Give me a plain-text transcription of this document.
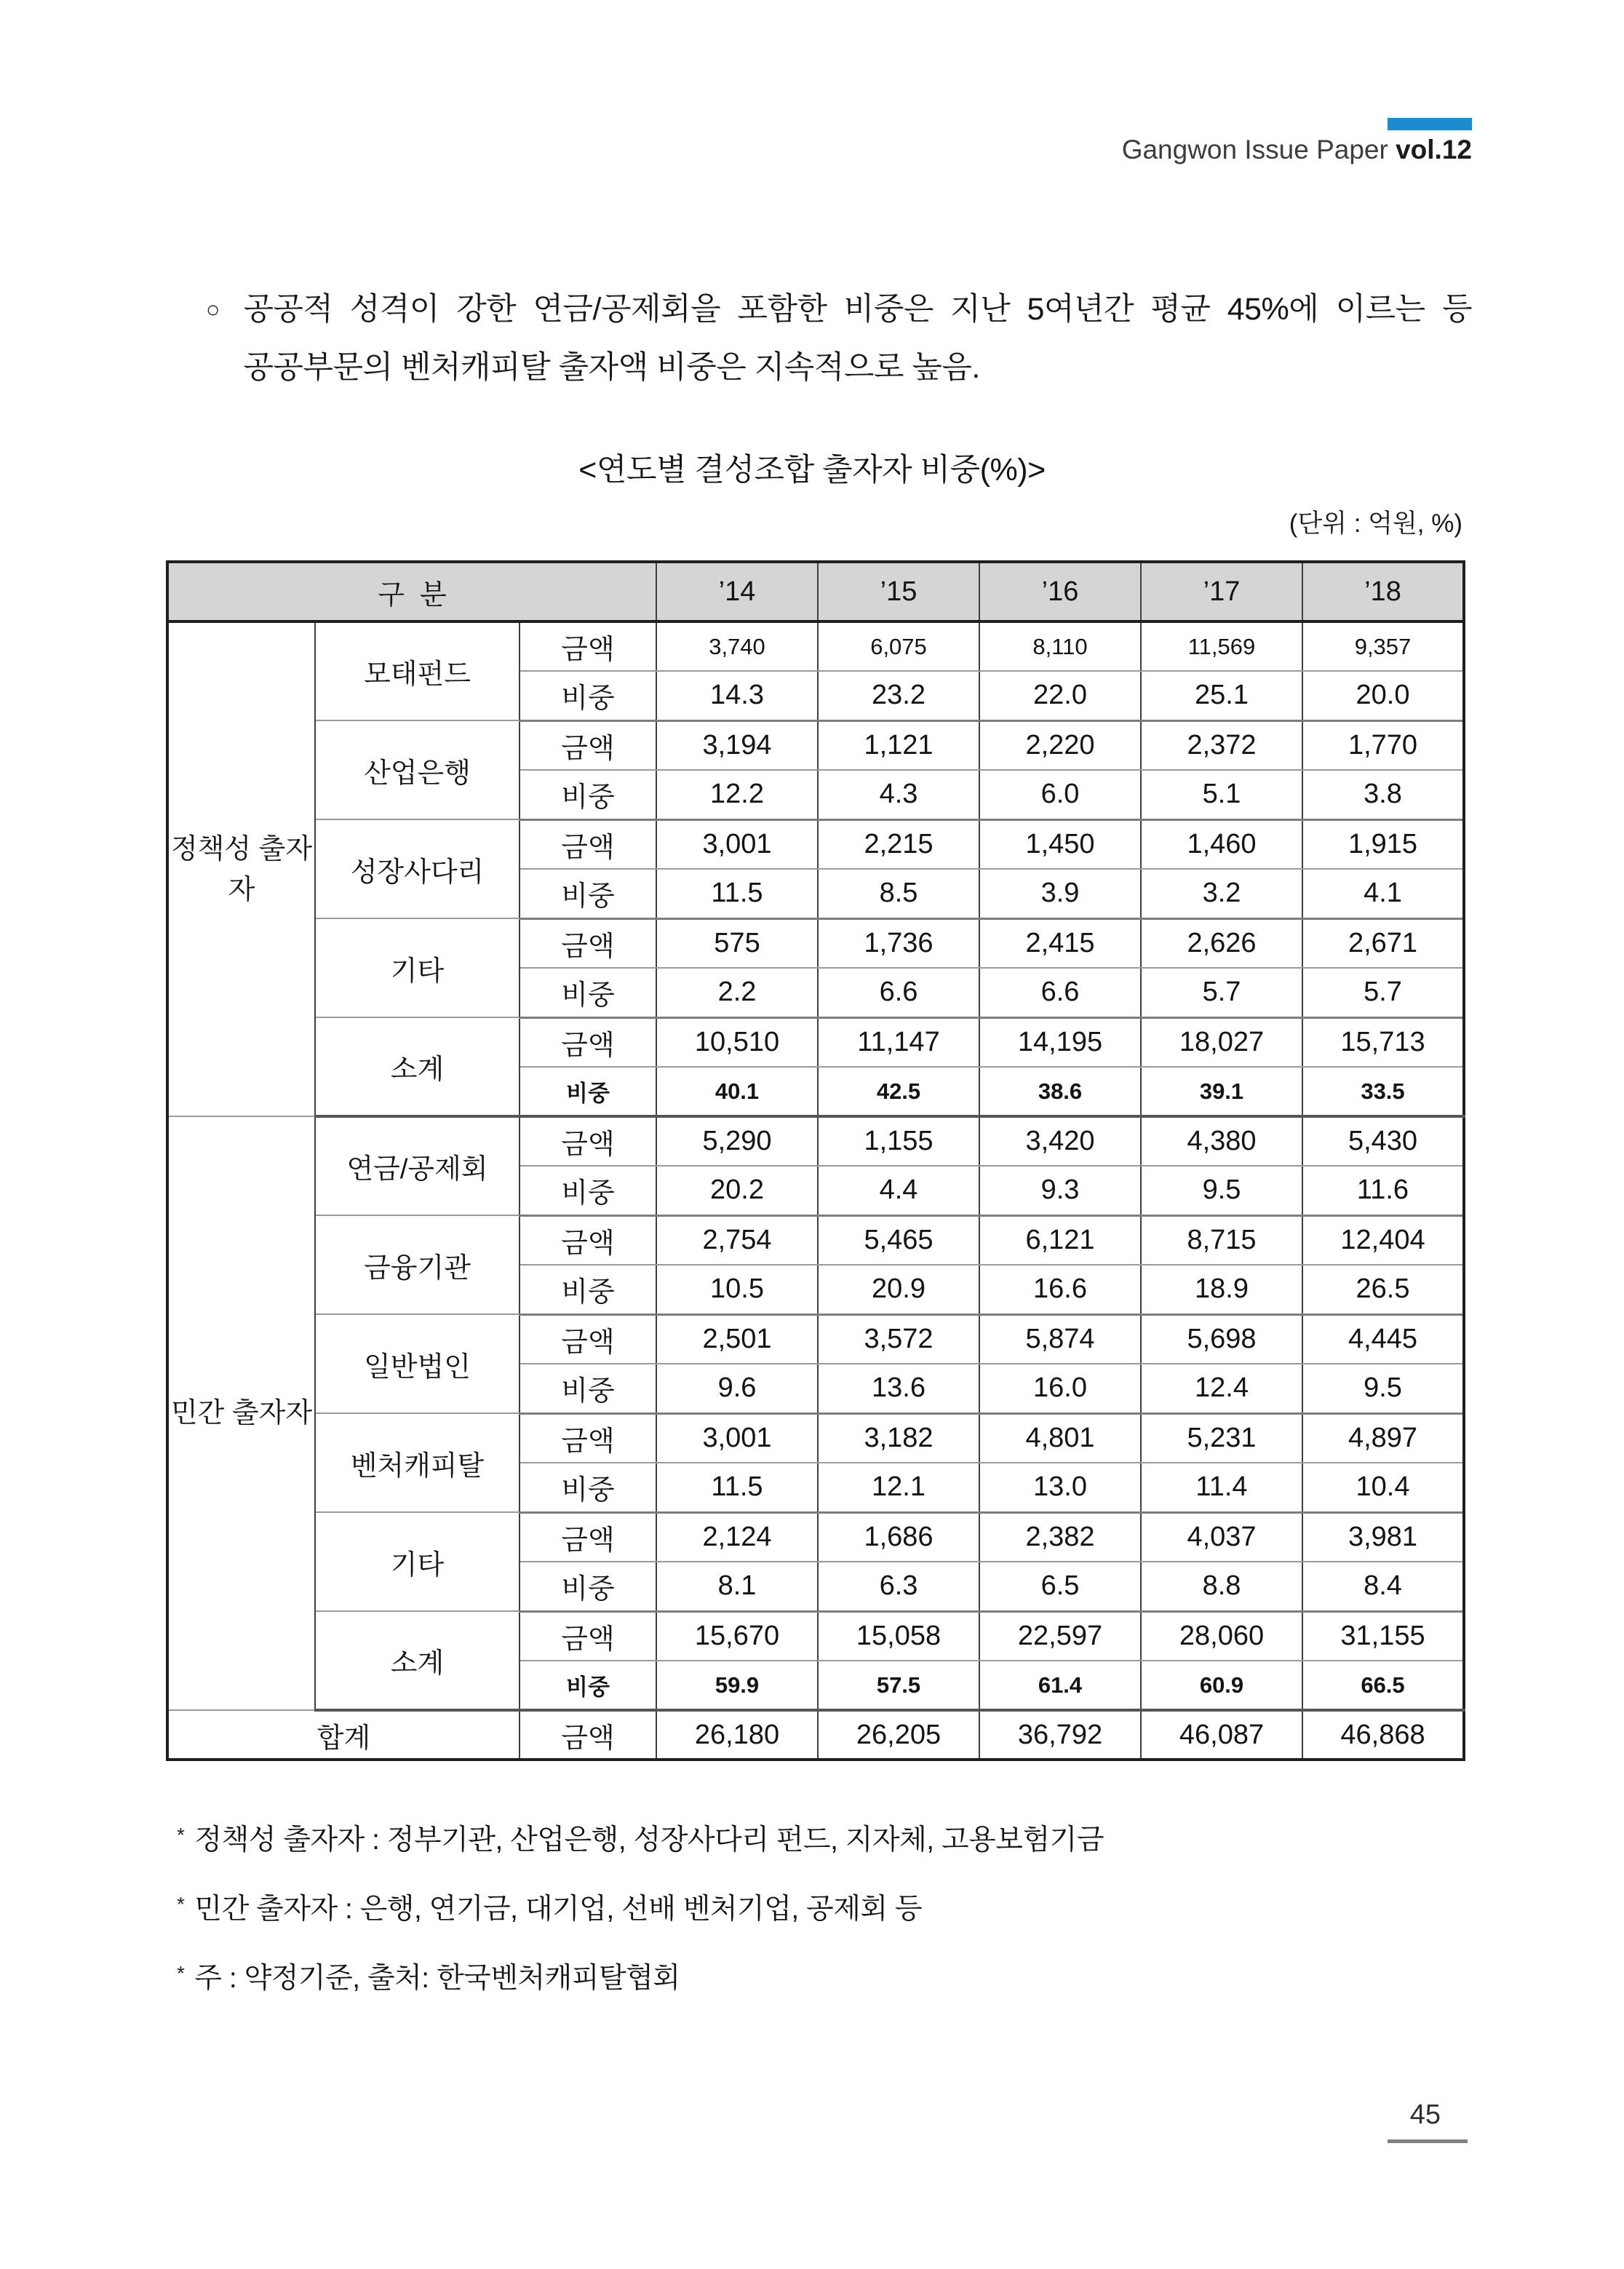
Gangwon Issue Paper vol.12
○ 공공적 성격이 강한 연금/공제회을 포함한 비중은 지난 5여년간 평균 45%에 이르는 등 공공부문의 벤처캐피탈 출자액 비중은 지속적으로 높음.
<연도별 결성조합 출자자 비중(%)>
(단위 : 억원, %)
구  분			’14	’15	’16	’17	’18
정책성 출자자	모태펀드	금액	3,740	6,075	8,110	11,569	9,357
		비중	14.3	23.2	22.0	25.1	20.0
	산업은행	금액	3,194	1,121	2,220	2,372	1,770
		비중	12.2	4.3	6.0	5.1	3.8
	성장사다리	금액	3,001	2,215	1,450	1,460	1,915
		비중	11.5	8.5	3.9	3.2	4.1
	기타	금액	575	1,736	2,415	2,626	2,671
		비중	2.2	6.6	6.6	5.7	5.7
	소계	금액	10,510	11,147	14,195	18,027	15,713
		비중	40.1	42.5	38.6	39.1	33.5
민간 출자자	연금/공제회	금액	5,290	1,155	3,420	4,380	5,430
		비중	20.2	4.4	9.3	9.5	11.6
	금융기관	금액	2,754	5,465	6,121	8,715	12,404
		비중	10.5	20.9	16.6	18.9	26.5
	일반법인	금액	2,501	3,572	5,874	5,698	4,445
		비중	9.6	13.6	16.0	12.4	9.5
	벤처캐피탈	금액	3,001	3,182	4,801	5,231	4,897
		비중	11.5	12.1	13.0	11.4	10.4
	기타	금액	2,124	1,686	2,382	4,037	3,981
		비중	8.1	6.3	6.5	8.8	8.4
	소계	금액	15,670	15,058	22,597	28,060	31,155
		비중	59.9	57.5	61.4	60.9	66.5
합계		금액	26,180	26,205	36,792	46,087	46,868
* 정책성 출자자 : 정부기관, 산업은행, 성장사다리 펀드, 지자체, 고용보험기금
* 민간 출자자 : 은행, 연기금, 대기업, 선배 벤처기업, 공제회 등
* 주 : 약정기준, 출처: 한국벤처캐피탈협회
45
